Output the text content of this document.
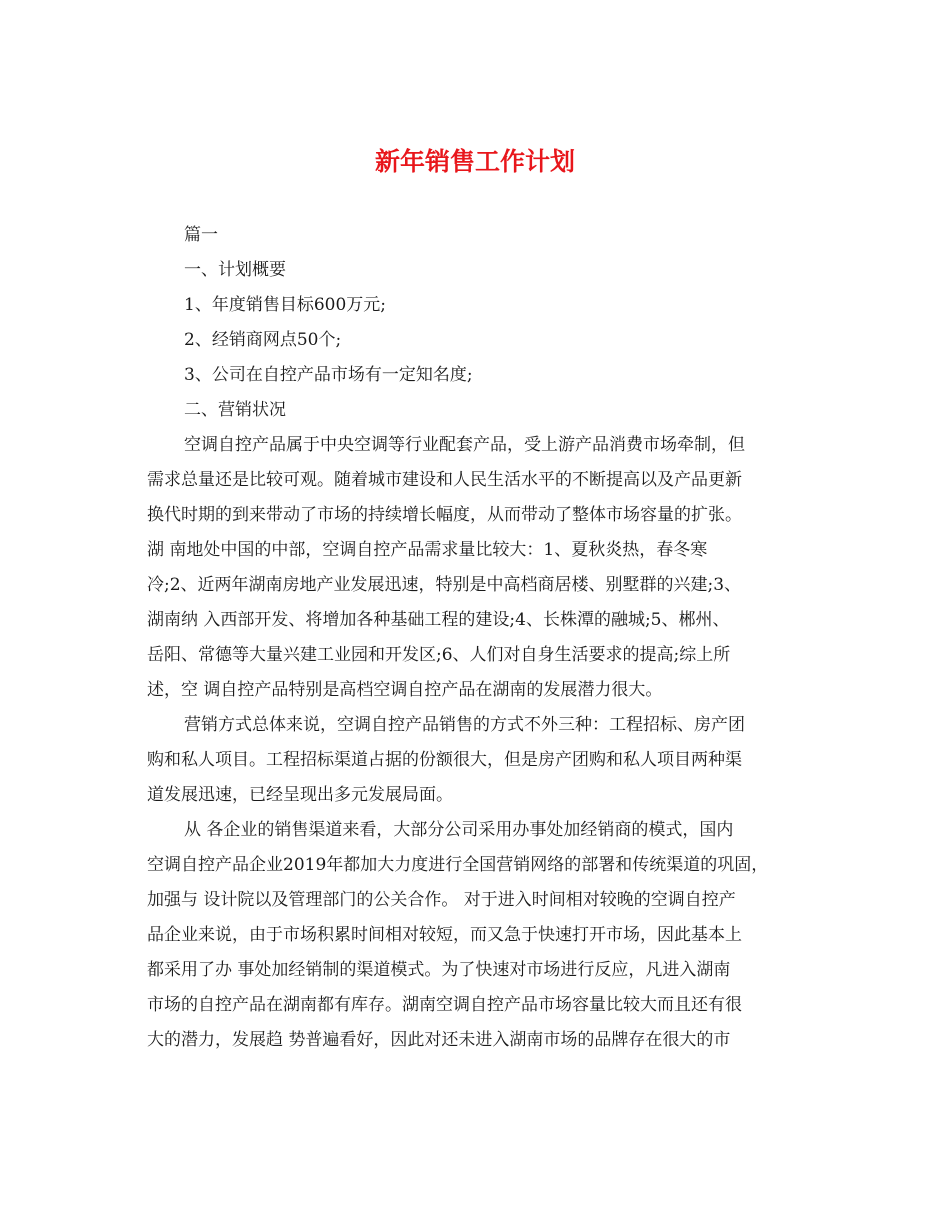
新年销售工作计划
篇一
一、计划概要
1、年度销售目标600万元;
2、经销商网点50个;
3、公司在自控产品市场有一定知名度;
二、营销状况
空调自控产品属于中央空调等行业配套产品，受上游产品消费市场牵制，但
需求总量还是比较可观。随着城市建设和人民生活水平的不断提高以及产品更新
换代时期的到来带动了市场的持续增长幅度，从而带动了整体市场容量的扩张。
湖 南地处中国的中部，空调自控产品需求量比较大：1、夏秋炎热，春冬寒
冷;2、近两年湖南房地产业发展迅速，特别是中高档商居楼、别墅群的兴建;3、
湖南纳 入西部开发、将增加各种基础工程的建设;4、长株潭的融城;5、郴州、
岳阳、常德等大量兴建工业园和开发区;6、人们对自身生活要求的提高;综上所
述，空 调自控产品特别是高档空调自控产品在湖南的发展潜力很大。
营销方式总体来说，空调自控产品销售的方式不外三种：工程招标、房产团
购和私人项目。工程招标渠道占据的份额很大，但是房产团购和私人项目两种渠
道发展迅速，已经呈现出多元发展局面。
从 各企业的销售渠道来看，大部分公司采用办事处加经销商的模式，国内
空调自控产品企业2019年都加大力度进行全国营销网络的部署和传统渠道的巩固，
加强与 设计院以及管理部门的公关合作。 对于进入时间相对较晚的空调自控产
品企业来说，由于市场积累时间相对较短，而又急于快速打开市场，因此基本上
都采用了办 事处加经销制的渠道模式。为了快速对市场进行反应，凡进入湖南
市场的自控产品在湖南都有库存。湖南空调自控产品市场容量比较大而且还有很
大的潜力，发展趋 势普遍看好，因此对还未进入湖南市场的品牌存在很大的市
